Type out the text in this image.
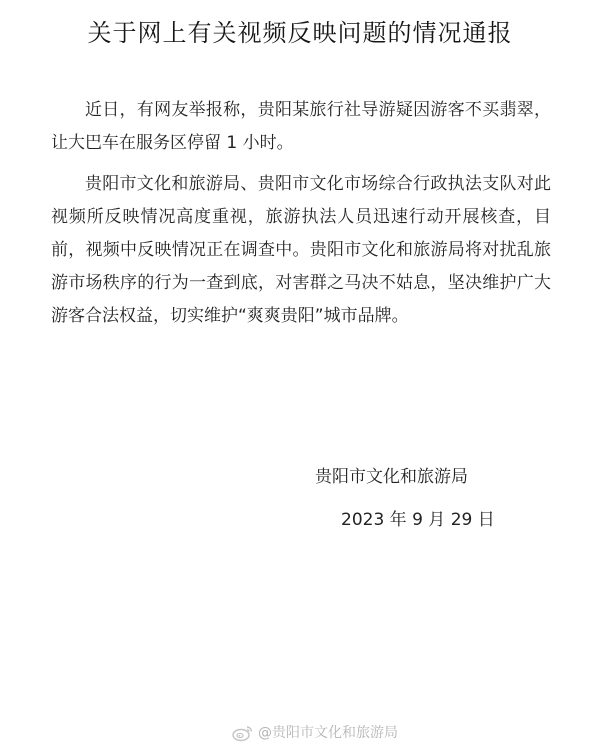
关于网上有关视频反映问题的情况通报

近日，有网友举报称，贵阳某旅行社导游疑因游客不买翡翠，让大巴车在服务区停留 1 小时。

贵阳市文化和旅游局、贵阳市文化市场综合行政执法支队对此视频所反映情况高度重视，旅游执法人员迅速行动开展核查，目前，视频中反映情况正在调查中。贵阳市文化和旅游局将对扰乱旅游市场秩序的行为一查到底，对害群之马决不姑息，坚决维护广大游客合法权益，切实维护“爽爽贵阳”城市品牌。

贵阳市文化和旅游局
2023 年 9 月 29 日
@贵阳市文化和旅游局
